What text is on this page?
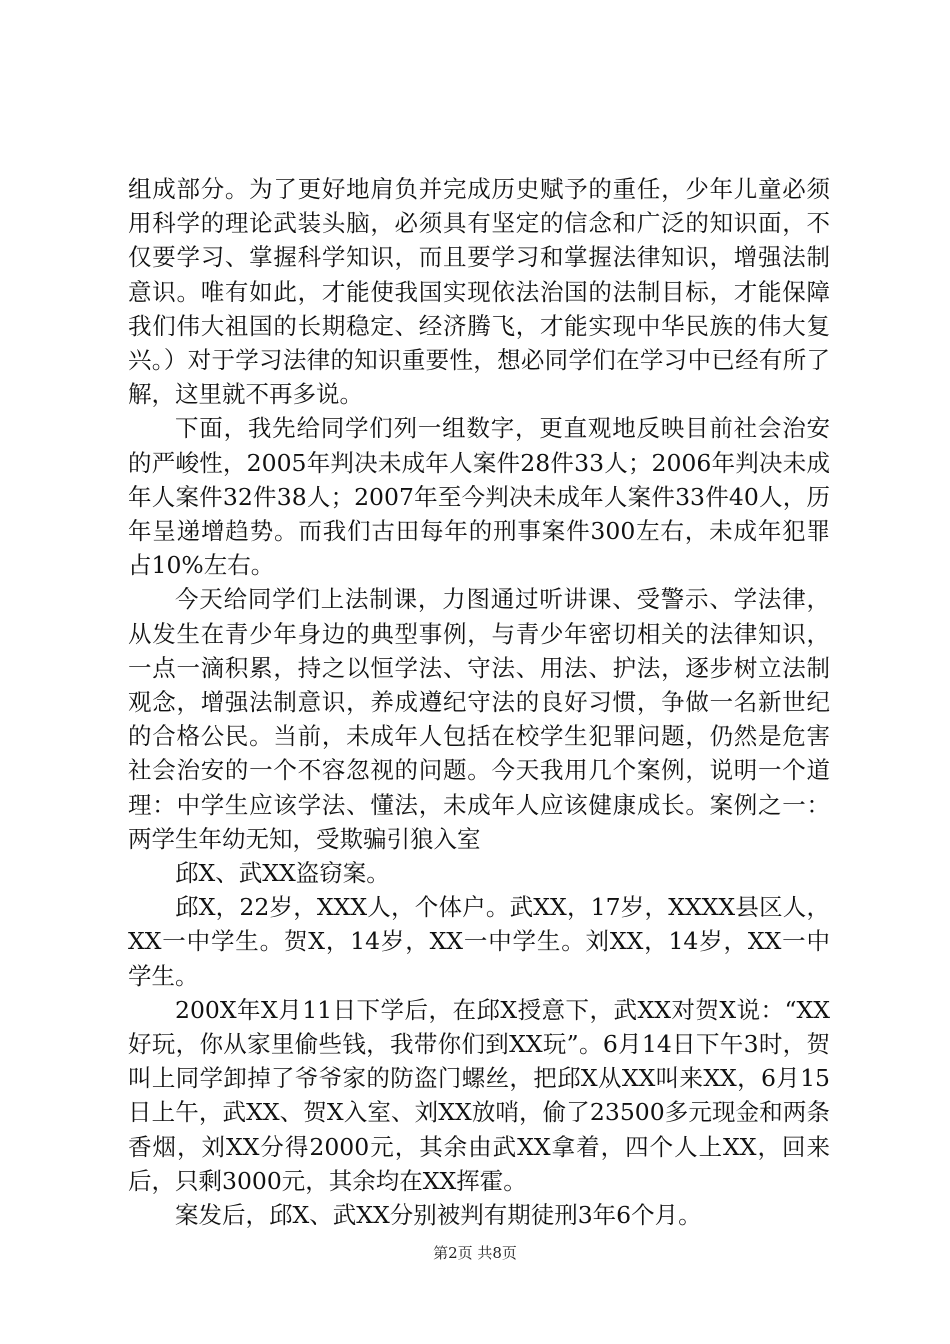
组成部分。为了更好地肩负并完成历史赋予的重任，少年儿童必须用科学的理论武装头脑，必须具有坚定的信念和广泛的知识面，不仅要学习、掌握科学知识，而且要学习和掌握法律知识，增强法制意识。唯有如此，才能使我国实现依法治国的法制目标，才能保障我们伟大祖国的长期稳定、经济腾飞，才能实现中华民族的伟大复兴。）对于学习法律的知识重要性，想必同学们在学习中已经有所了解，这里就不再多说。

下面，我先给同学们列一组数字，更直观地反映目前社会治安的严峻性，2005年判决未成年人案件28件33人；2006年判决未成年人案件32件38人；2007年至今判决未成年人案件33件40人，历年呈递增趋势。而我们古田每年的刑事案件300左右，未成年犯罪占10%左右。

今天给同学们上法制课，力图通过听讲课、受警示、学法律，从发生在青少年身边的典型事例，与青少年密切相关的法律知识，一点一滴积累，持之以恒学法、守法、用法、护法，逐步树立法制观念，增强法制意识，养成遵纪守法的良好习惯，争做一名新世纪的合格公民。当前，未成年人包括在校学生犯罪问题，仍然是危害社会治安的一个不容忽视的问题。今天我用几个案例，说明一个道理：中学生应该学法、懂法，未成年人应该健康成长。案例之一：两学生年幼无知，受欺骗引狼入室

邱X、武XX盗窃案。

邱X，22岁，XXX人，个体户。武XX，17岁，XXXX县区人，XX一中学生。贺X，14岁，XX一中学生。刘XX，14岁，XX一中学生。

200X年X月11日下学后，在邱X授意下，武XX对贺X说：“XX好玩，你从家里偷些钱，我带你们到XX玩”。6月14日下午3时，贺叫上同学卸掉了爷爷家的防盗门螺丝，把邱X从XX叫来XX，6月15日上午，武XX、贺X入室、刘XX放哨，偷了23500多元现金和两条香烟，刘XX分得2000元，其余由武XX拿着，四个人上XX，回来后，只剩3000元，其余均在XX挥霍。

案发后，邱X、武XX分别被判有期徒刑3年6个月。

第2页 共8页
